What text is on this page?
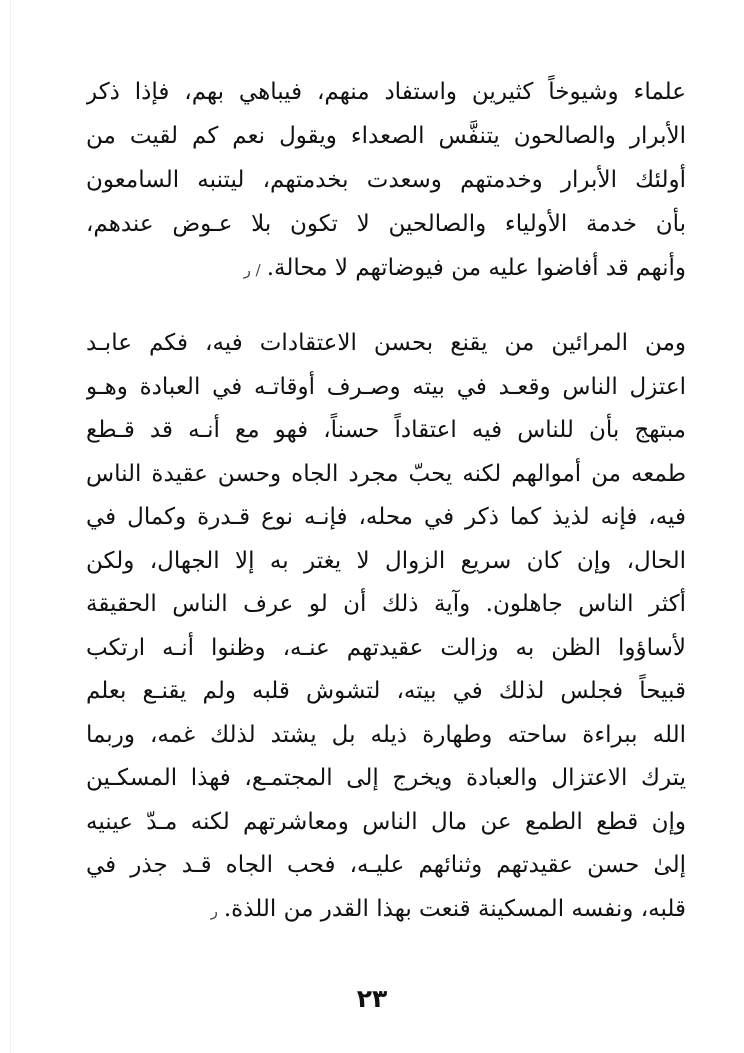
علماء وشيوخاً كثيرين واستفاد منهم، فيباهي بهم، فإذا ذكر
الأبرار والصالحون يتنفَّس الصعداء ويقول نعم كم لقيت من
أولئك الأبرار وخدمتهم وسعدت بخدمتهم، ليتنبه السامعون
بأن خدمة الأولياء والصالحين لا تكون بلا عـوض عندهم،
وأنهم قد أفاضوا عليه من فيوضاتهم لا محالة./ ر
ومن المرائين من يقنع بحسن الاعتقادات فيه، فكم عابـد
اعتزل الناس وقعـد في بيته وصـرف أوقاتـه في العبادة وهـو
مبتهج بأن للناس فيه اعتقاداً حسناً، فهو مع أنـه قد قـطع
طمعه من أموالهم لكنه يحبّ مجرد الجاه وحسن عقيدة الناس
فيه، فإنه لذيذ كما ذكر في محله، فإنـه نوع قـدرة وكمال في
الحال، وإن كان سريع الزوال لا يغتر به إلا الجهال، ولكن
أكثر الناس جاهلون. وآية ذلك أن لو عرف الناس الحقيقة
لأساؤوا الظن به وزالت عقيدتهم عنـه، وظنوا أنـه ارتكب
قبيحاً فجلس لذلك في بيته، لتشوش قلبه ولم يقنـع بعلم
الله ببراءة ساحته وطهارة ذيله بل يشتد لذلك غمه، وربما
يترك الاعتزال والعبادة ويخرج إلى المجتمـع، فهذا المسكـين
وإن قطع الطمع عن مال الناس ومعاشرتهم لكنه مـدّ عينيه
إلىٰ حسن عقيدتهم وثنائهم عليـه، فحب الجاه قـد جذر في
قلبه، ونفسه المسكينة قنعت بهذا القدر من اللذة.ر
٢٣
